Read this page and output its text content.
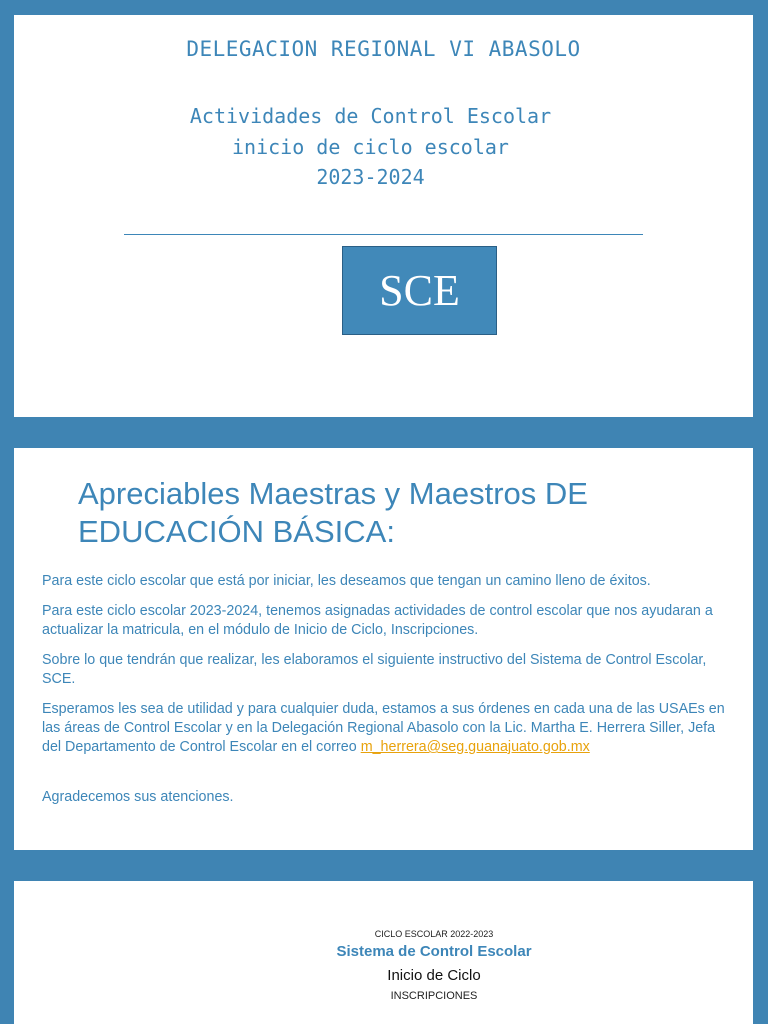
DELEGACION REGIONAL VI ABASOLO
Actividades de Control Escolar
inicio de ciclo escolar
2023-2024
SCE
Apreciables Maestras y Maestros DE EDUCACIÓN BÁSICA:
Para este ciclo escolar que está por iniciar, les deseamos que tengan un camino lleno de éxitos.
Para este ciclo escolar 2023-2024, tenemos asignadas actividades de control escolar que nos ayudaran a actualizar la matricula, en el módulo de Inicio de Ciclo, Inscripciones.
Sobre lo que tendrán que realizar, les elaboramos el siguiente instructivo del Sistema de Control Escolar, SCE.
Esperamos les sea de utilidad y para cualquier duda, estamos a sus órdenes en cada una de las USAEs en las áreas de Control Escolar y en la Delegación Regional Abasolo con la Lic. Martha E. Herrera Siller, Jefa del Departamento de Control Escolar en el correo m_herrera@seg.guanajuato.gob.mx
Agradecemos sus atenciones.
CICLO ESCOLAR 2022-2023
Sistema de Control Escolar
Inicio de Ciclo
INSCRIPCIONES
